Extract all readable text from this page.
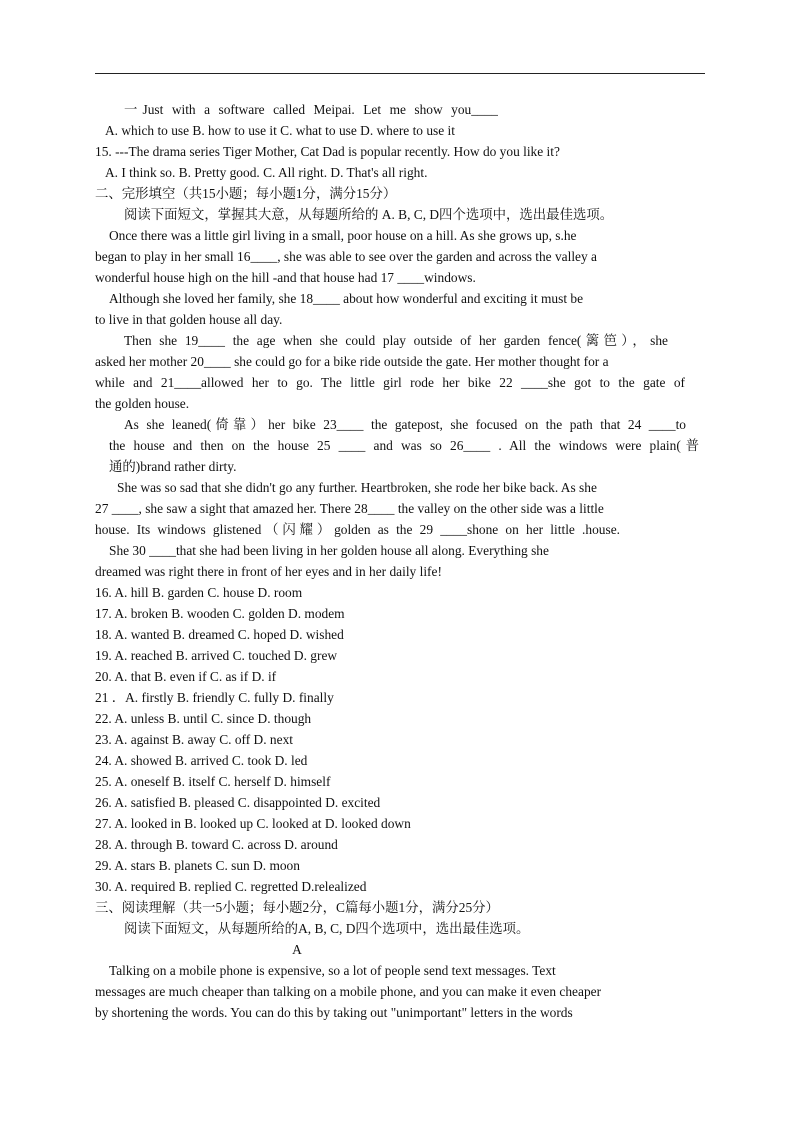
一Just with a software called Meipai. Let me show you____
A. which to use B. how to use it C. what to use D. where to use it
15. ---The drama series Tiger Mother, Cat Dad is popular recently. How do you like it?
A. I think so. B. Pretty good. C. All right. D. That's all right.
二、完形填空（共15小题；每小题1分，满分15分）
阅读下面短文，掌握其大意，从每题所给的 A. B, C, D四个选项中，选出最佳选项。
Once there was a little girl living in a small, poor house on a hill. As she grows up, s.he
began to play in her small 16____, she was able to see over the garden and across the valley a
wonderful house high on the hill -and that house had 17 ____windows.
Although she loved her family, she 18____ about how wonderful and exciting it must be
to live in that golden house all day.
Then she 19____ the age when she could play outside of her garden fence(篱笆），she
asked her mother 20____ she could go for a bike ride outside the gate. Her mother thought for a
while and 21____allowed her to go. The little girl rode her bike 22 ____she got to the gate of
the golden house.
As she leaned(倚靠）her bike 23____ the gatepost, she focused on the path that 24 ____to
the house and then on the house 25 ____ and was so 26____ . All the windows were plain(普
通的)brand rather dirty.
She was so sad that she didn't go any further. Heartbroken, she rode her bike back. As she
27 ____, she saw a sight that amazed her. There 28____ the valley on the other side was a little
house. Its windows glistened（闪耀）golden as the 29 ____shone on her little .house.
She 30 ____that she had been living in her golden house all along. Everything she
dreamed was right there in front of her eyes and in her daily life!
16. A. hill B. garden C. house D. room
17. A. broken B. wooden C. golden D. modem
18. A. wanted B. dreamed C. hoped D. wished
19. A. reached B. arrived C. touched D. grew
20. A. that B. even if C. as if D. if
21 ．A. firstly B. friendly C. fully D. finally
22. A. unless B. until C. since D. though
23. A. against B. away C. off D. next
24. A. showed B. arrived C. took D. led
25. A. oneself B. itself C. herself D. himself
26. A. satisfied B. pleased C. disappointed D. excited
27. A. looked in B. looked up C. looked at D. looked down
28. A. through B. toward C. across D. around
29. A. stars B. planets C. sun D. moon
30. A. required B. replied C. regretted D.relealized
三、阅读理解（共一5小题；每小题2分，C篇每小题1分，满分25分）
阅读下面短文，从每题所给的A, B, C, D四个选项中，选出最佳选项。
A
Talking on a mobile phone is expensive, so a lot of people send text messages. Text
messages are much cheaper than talking on a mobile phone, and you can make it even cheaper
by shortening the words. You can do this by taking out "unimportant" letters in the words
